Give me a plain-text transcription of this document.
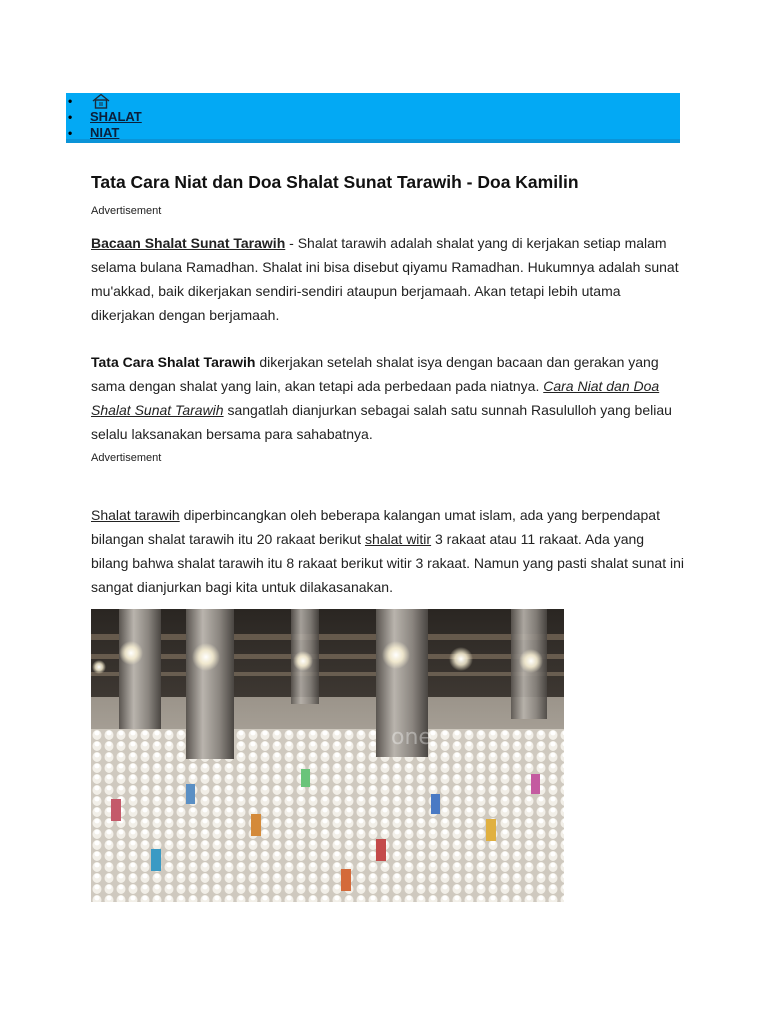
•
• SHALAT
• NIAT
Tata Cara Niat dan Doa Shalat Sunat Tarawih - Doa Kamilin
Advertisement

Bacaan Shalat Sunat Tarawih - Shalat tarawih adalah shalat yang di kerjakan setiap malam
selama bulana Ramadhan. Shalat ini bisa disebut qiyamu Ramadhan. Hukumnya adalah sunat
mu'akkad, baik dikerjakan sendiri-sendiri ataupun berjamaah. Akan tetapi lebih utama
dikerjakan dengan berjamaah.

Tata Cara Shalat Tarawih dikerjakan setelah shalat isya dengan bacaan dan gerakan yang
sama dengan shalat yang lain, akan tetapi ada perbedaan pada niatnya. Cara Niat dan Doa
Shalat Sunat Tarawih sangatlah dianjurkan sebagai salah satu sunnah Rasululloh yang beliau
selalu laksanakan bersama para sahabatnya.

Advertisement

Shalat tarawih diperbincangkan oleh beberapa kalangan umat islam, ada yang berpendapat
bilangan shalat tarawih itu 20 rakaat berikut shalat witir 3 rakaat atau 11 rakaat. Ada yang
bilang bahwa shalat tarawih itu 8 rakaat berikut witir 3 rakaat. Namun yang pasti shalat sunat ini
sangat dianjurkan bagi kita untuk dilakasanakan.

one
